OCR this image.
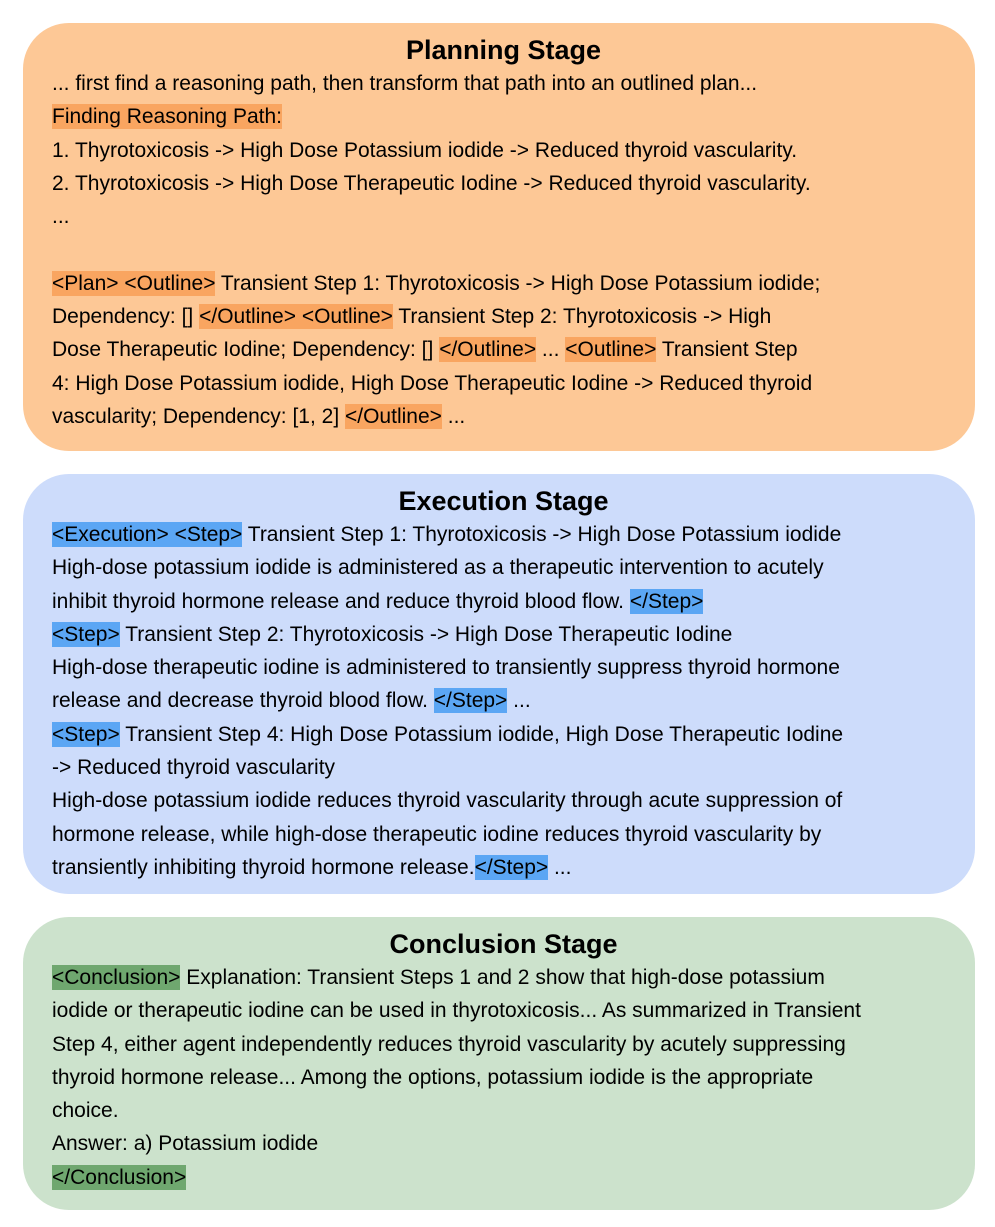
Planning Stage
... first find a reasoning path, then transform that path into an outlined plan...
Finding Reasoning Path:
1. Thyrotoxicosis -> High Dose Potassium iodide -> Reduced thyroid vascularity.
2. Thyrotoxicosis -> High Dose Therapeutic Iodine -> Reduced thyroid vascularity.
...
<Plan> <Outline> Transient Step 1: Thyrotoxicosis -> High Dose Potassium iodide;
Dependency: [] </Outline> <Outline> Transient Step 2: Thyrotoxicosis -> High
Dose Therapeutic Iodine; Dependency: [] </Outline> ... <Outline> Transient Step
4: High Dose Potassium iodide, High Dose Therapeutic Iodine -> Reduced thyroid
vascularity; Dependency: [1, 2] </Outline> ...
Execution Stage
<Execution> <Step> Transient Step 1: Thyrotoxicosis -> High Dose Potassium iodide
High-dose potassium iodide is administered as a therapeutic intervention to acutely
inhibit thyroid hormone release and reduce thyroid blood flow. </Step>
<Step> Transient Step 2: Thyrotoxicosis -> High Dose Therapeutic Iodine
High-dose therapeutic iodine is administered to transiently suppress thyroid hormone
release and decrease thyroid blood flow. </Step> ...
<Step> Transient Step 4: High Dose Potassium iodide, High Dose Therapeutic Iodine
-> Reduced thyroid vascularity
High-dose potassium iodide reduces thyroid vascularity through acute suppression of
hormone release, while high-dose therapeutic iodine reduces thyroid vascularity by
transiently inhibiting thyroid hormone release.</Step> ...
Conclusion Stage
<Conclusion> Explanation: Transient Steps 1 and 2 show that high-dose potassium
iodide or therapeutic iodine can be used in thyrotoxicosis... As summarized in Transient
Step 4, either agent independently reduces thyroid vascularity by acutely suppressing
thyroid hormone release... Among the options, potassium iodide is the appropriate
choice.
Answer: a) Potassium iodide
</Conclusion>
